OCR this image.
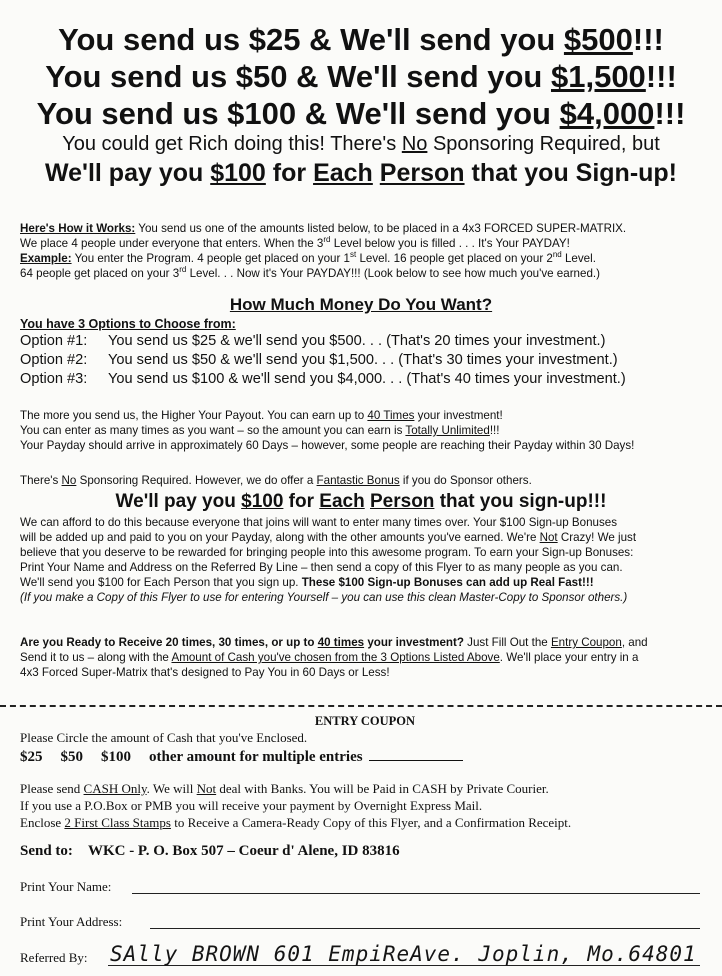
You send us $25 & We'll send you $500!!!

You send us $50 & We'll send you $1,500!!!

You send us $100 & We'll send you $4,000!!!

You could get Rich doing this! There's No Sponsoring Required, but

We'll pay you $100 for Each Person that you Sign-up!

Here's How it Works: You send us one of the amounts listed below, to be placed in a 4x3 FORCED SUPER-MATRIX.

We place 4 people under everyone that enters. When the 3rd Level below you is filled . . . It's Your PAYDAY!

Example: You enter the Program. 4 people get placed on your 1st Level. 16 people get placed on your 2nd Level.

64 people get placed on your 3rd Level. . . Now it's Your PAYDAY!!! (Look below to see how much you've earned.)

How Much Money Do You Want?

You have 3 Options to Choose from:

Option #1:	You send us $25 & we'll send you $500. . . (That's 20 times your investment.)
Option #2:	You send us $50 & we'll send you $1,500. . . (That's 30 times your investment.)
Option #3:	You send us $100 & we'll send you $4,000. . . (That's 40 times your investment.)

The more you send us, the Higher Your Payout. You can earn up to 40 Times your investment!

You can enter as many times as you want – so the amount you can earn is Totally Unlimited!!!

Your Payday should arrive in approximately 60 Days – however, some people are reaching their Payday within 30 Days!

There's No Sponsoring Required. However, we do offer a Fantastic Bonus if you do Sponsor others.

We'll pay you $100 for Each Person that you sign-up!!!

We can afford to do this because everyone that joins will want to enter many times over. Your $100 Sign-up Bonuses

will be added up and paid to you on your Payday, along with the other amounts you've earned. We're Not Crazy! We just

believe that you deserve to be rewarded for bringing people into this awesome program. To earn your Sign-up Bonuses:

Print Your Name and Address on the Referred By Line – then send a copy of this Flyer to as many people as you can.

We'll send you $100 for Each Person that you sign up. These $100 Sign-up Bonuses can add up Real Fast!!!

(If you make a Copy of this Flyer to use for entering Yourself – you can use this clean Master-Copy to Sponsor others.)

Are you Ready to Receive 20 times, 30 times, or up to 40 times your investment? Just Fill Out the Entry Coupon, and

Send it to us – along with the Amount of Cash you've chosen from the 3 Options Listed Above. We'll place your entry in a

4x3 Forced Super-Matrix that's designed to Pay You in 60 Days or Less!

ENTRY COUPON
Please Circle the amount of Cash that you've Enclosed.
$25 $50 $100 other amount for multiple entries
Please send CASH Only. We will Not deal with Banks. You will be Paid in CASH by Private Courier.
If you use a P.O.Box or PMB you will receive your payment by Overnight Express Mail.
Enclose 2 First Class Stamps to Receive a Camera-Ready Copy of this Flyer, and a Confirmation Receipt.
Send to: WKC - P. O. Box 507 – Coeur d' Alene, ID 83816
Print Your Name:
Print Your Address:
Referred By: SAlly BROWN 601 EmpiReAve. Joplin, Mo.64801
